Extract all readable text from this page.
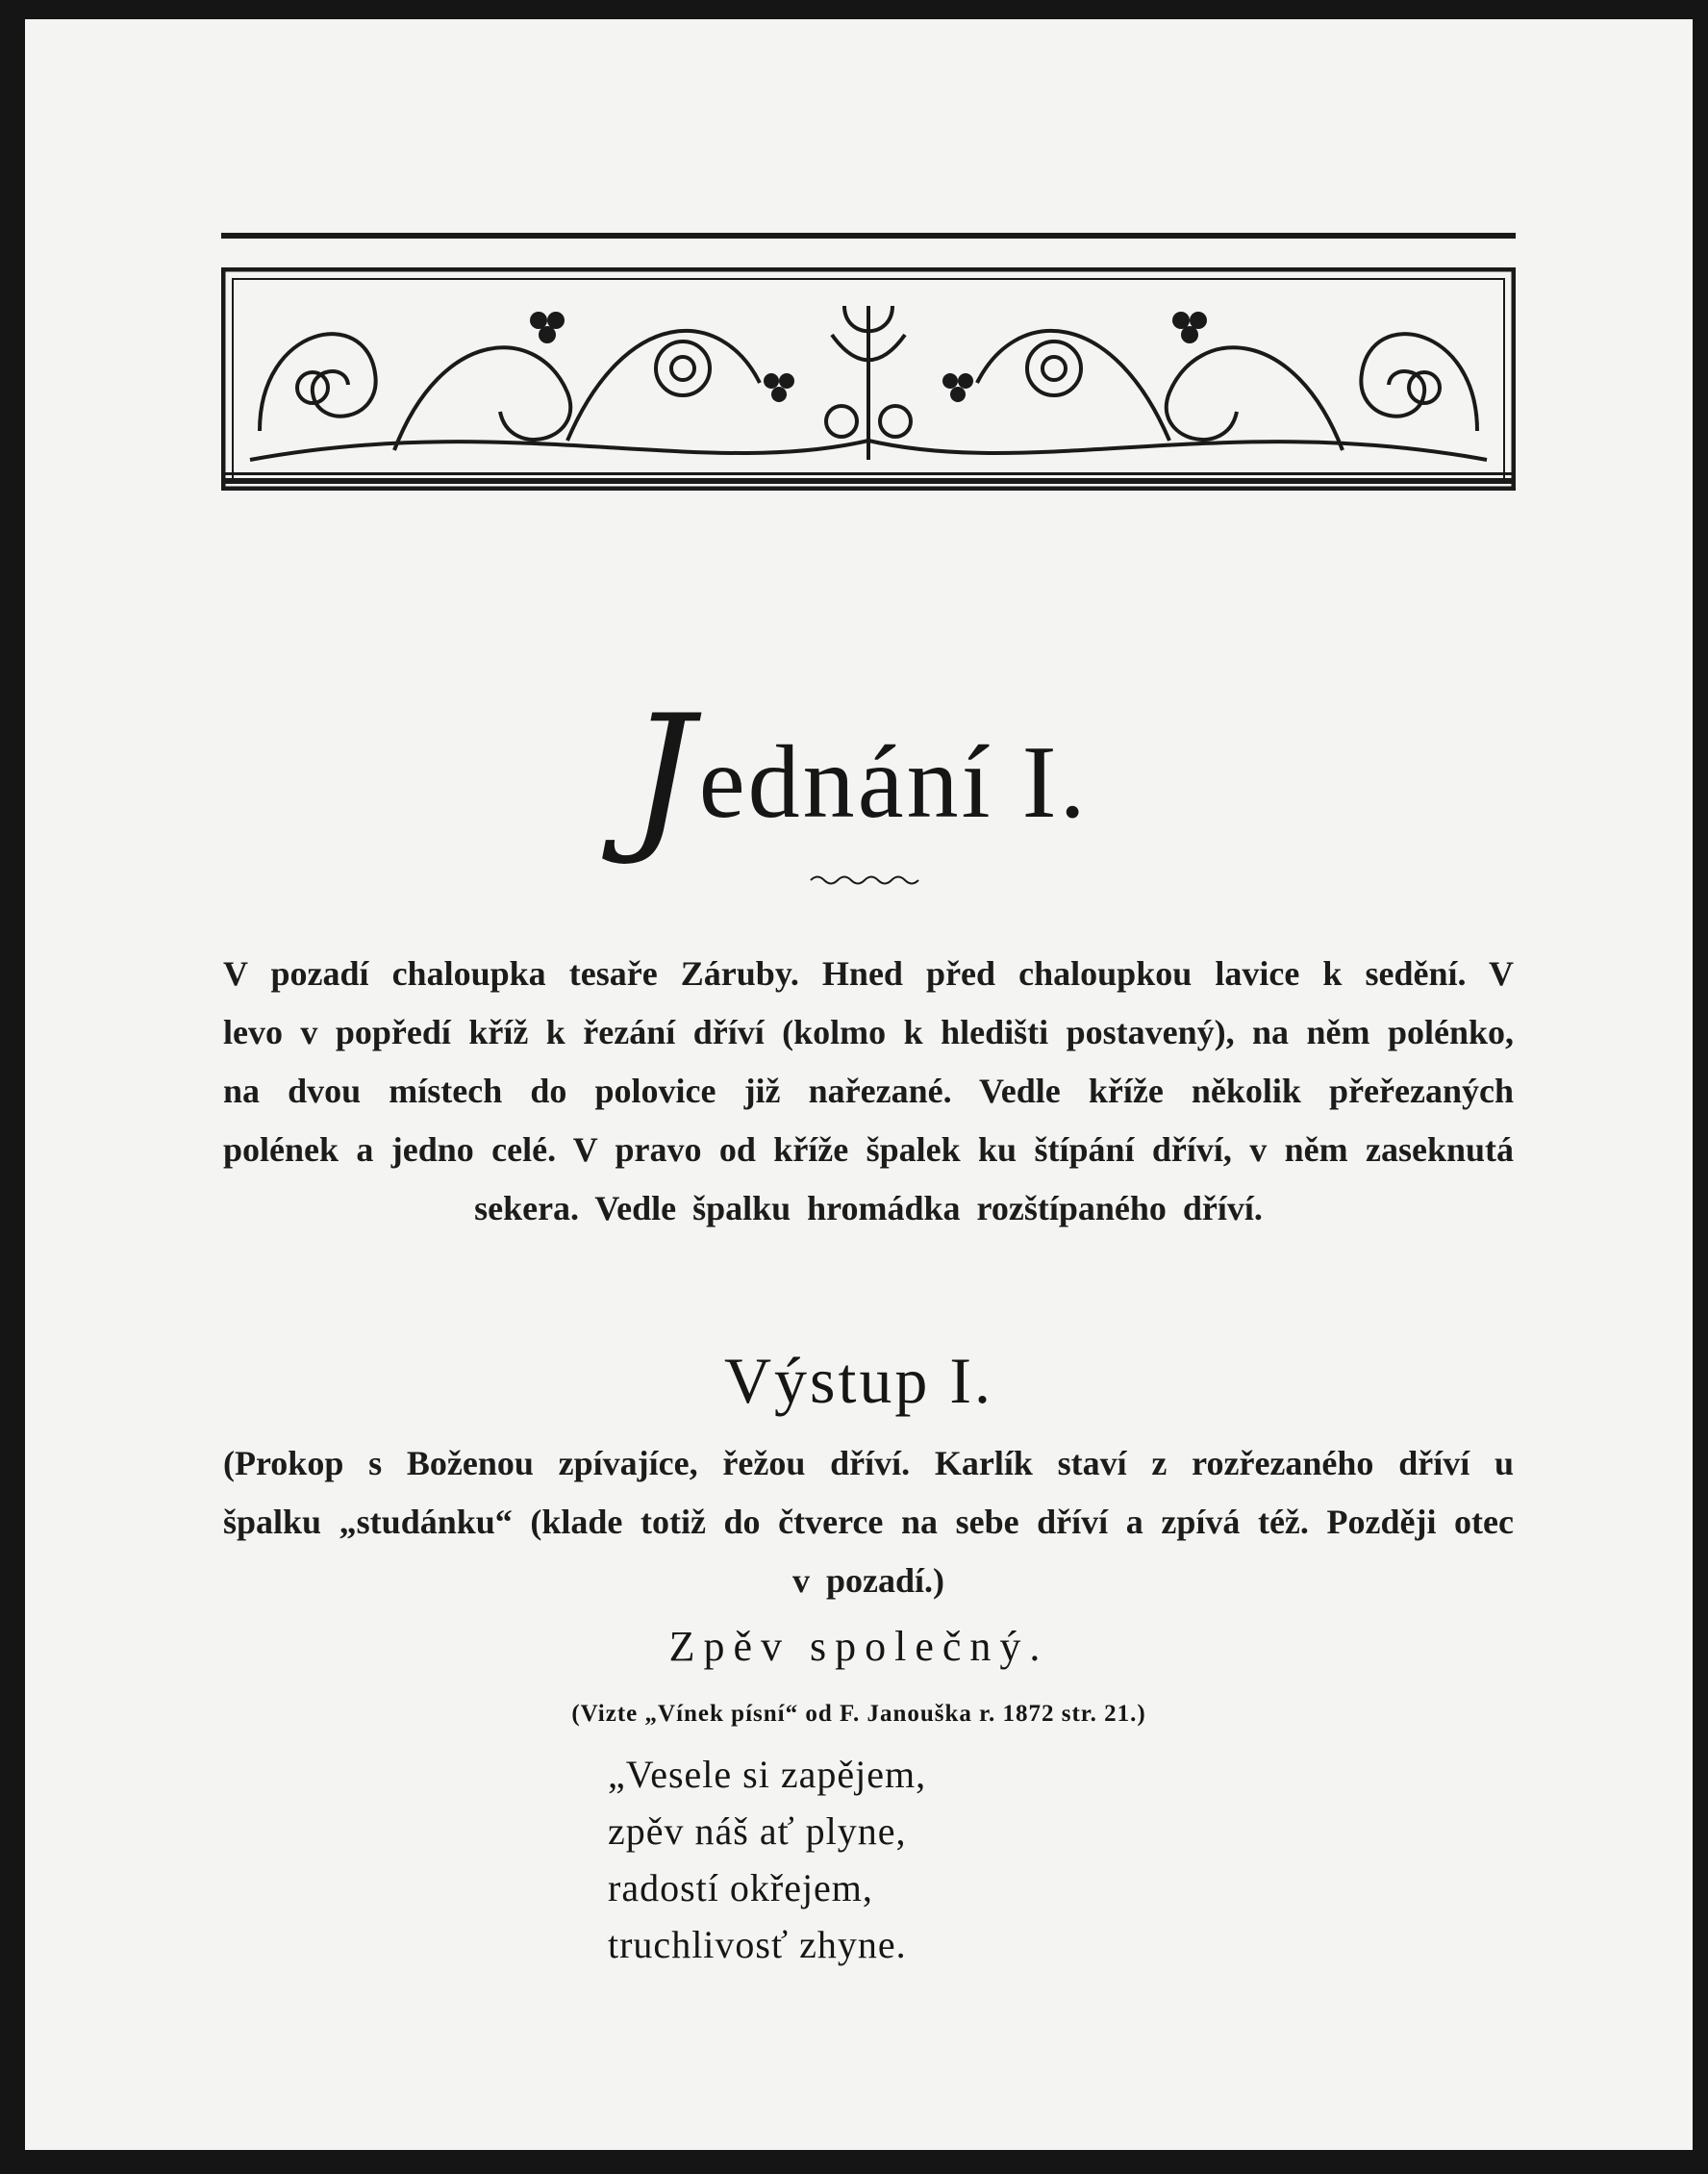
Jednání I.

V pozadí chaloupka tesaře Záruby. Hned před chaloupkou lavice k sedění. V levo v popředí kříž k řezání dříví (kolmo k hledišti postavený), na něm polénko, na dvou místech do polovice již nařezané. Vedle kříže několik přeřezaných polének a jedno celé. V pravo od kříže špalek ku štípání dříví, v něm zaseknutá sekera. Vedle špalku hromádka rozštípaného dříví.

Výstup I.

(Prokop s Boženou zpívajíce, řežou dříví. Karlík staví z rozřezaného dříví u špalku „studánku“ (klade totiž do čtverce na sebe dříví a zpívá též. Později otec v pozadí.)

Zpěv společný.
(Vizte „Vínek písní“ od F. Janouška r. 1872 str. 21.)
„Vesele si zapějem,
zpěv náš ať plyne,
radostí okřejem,
truchlivosť zhyne.
